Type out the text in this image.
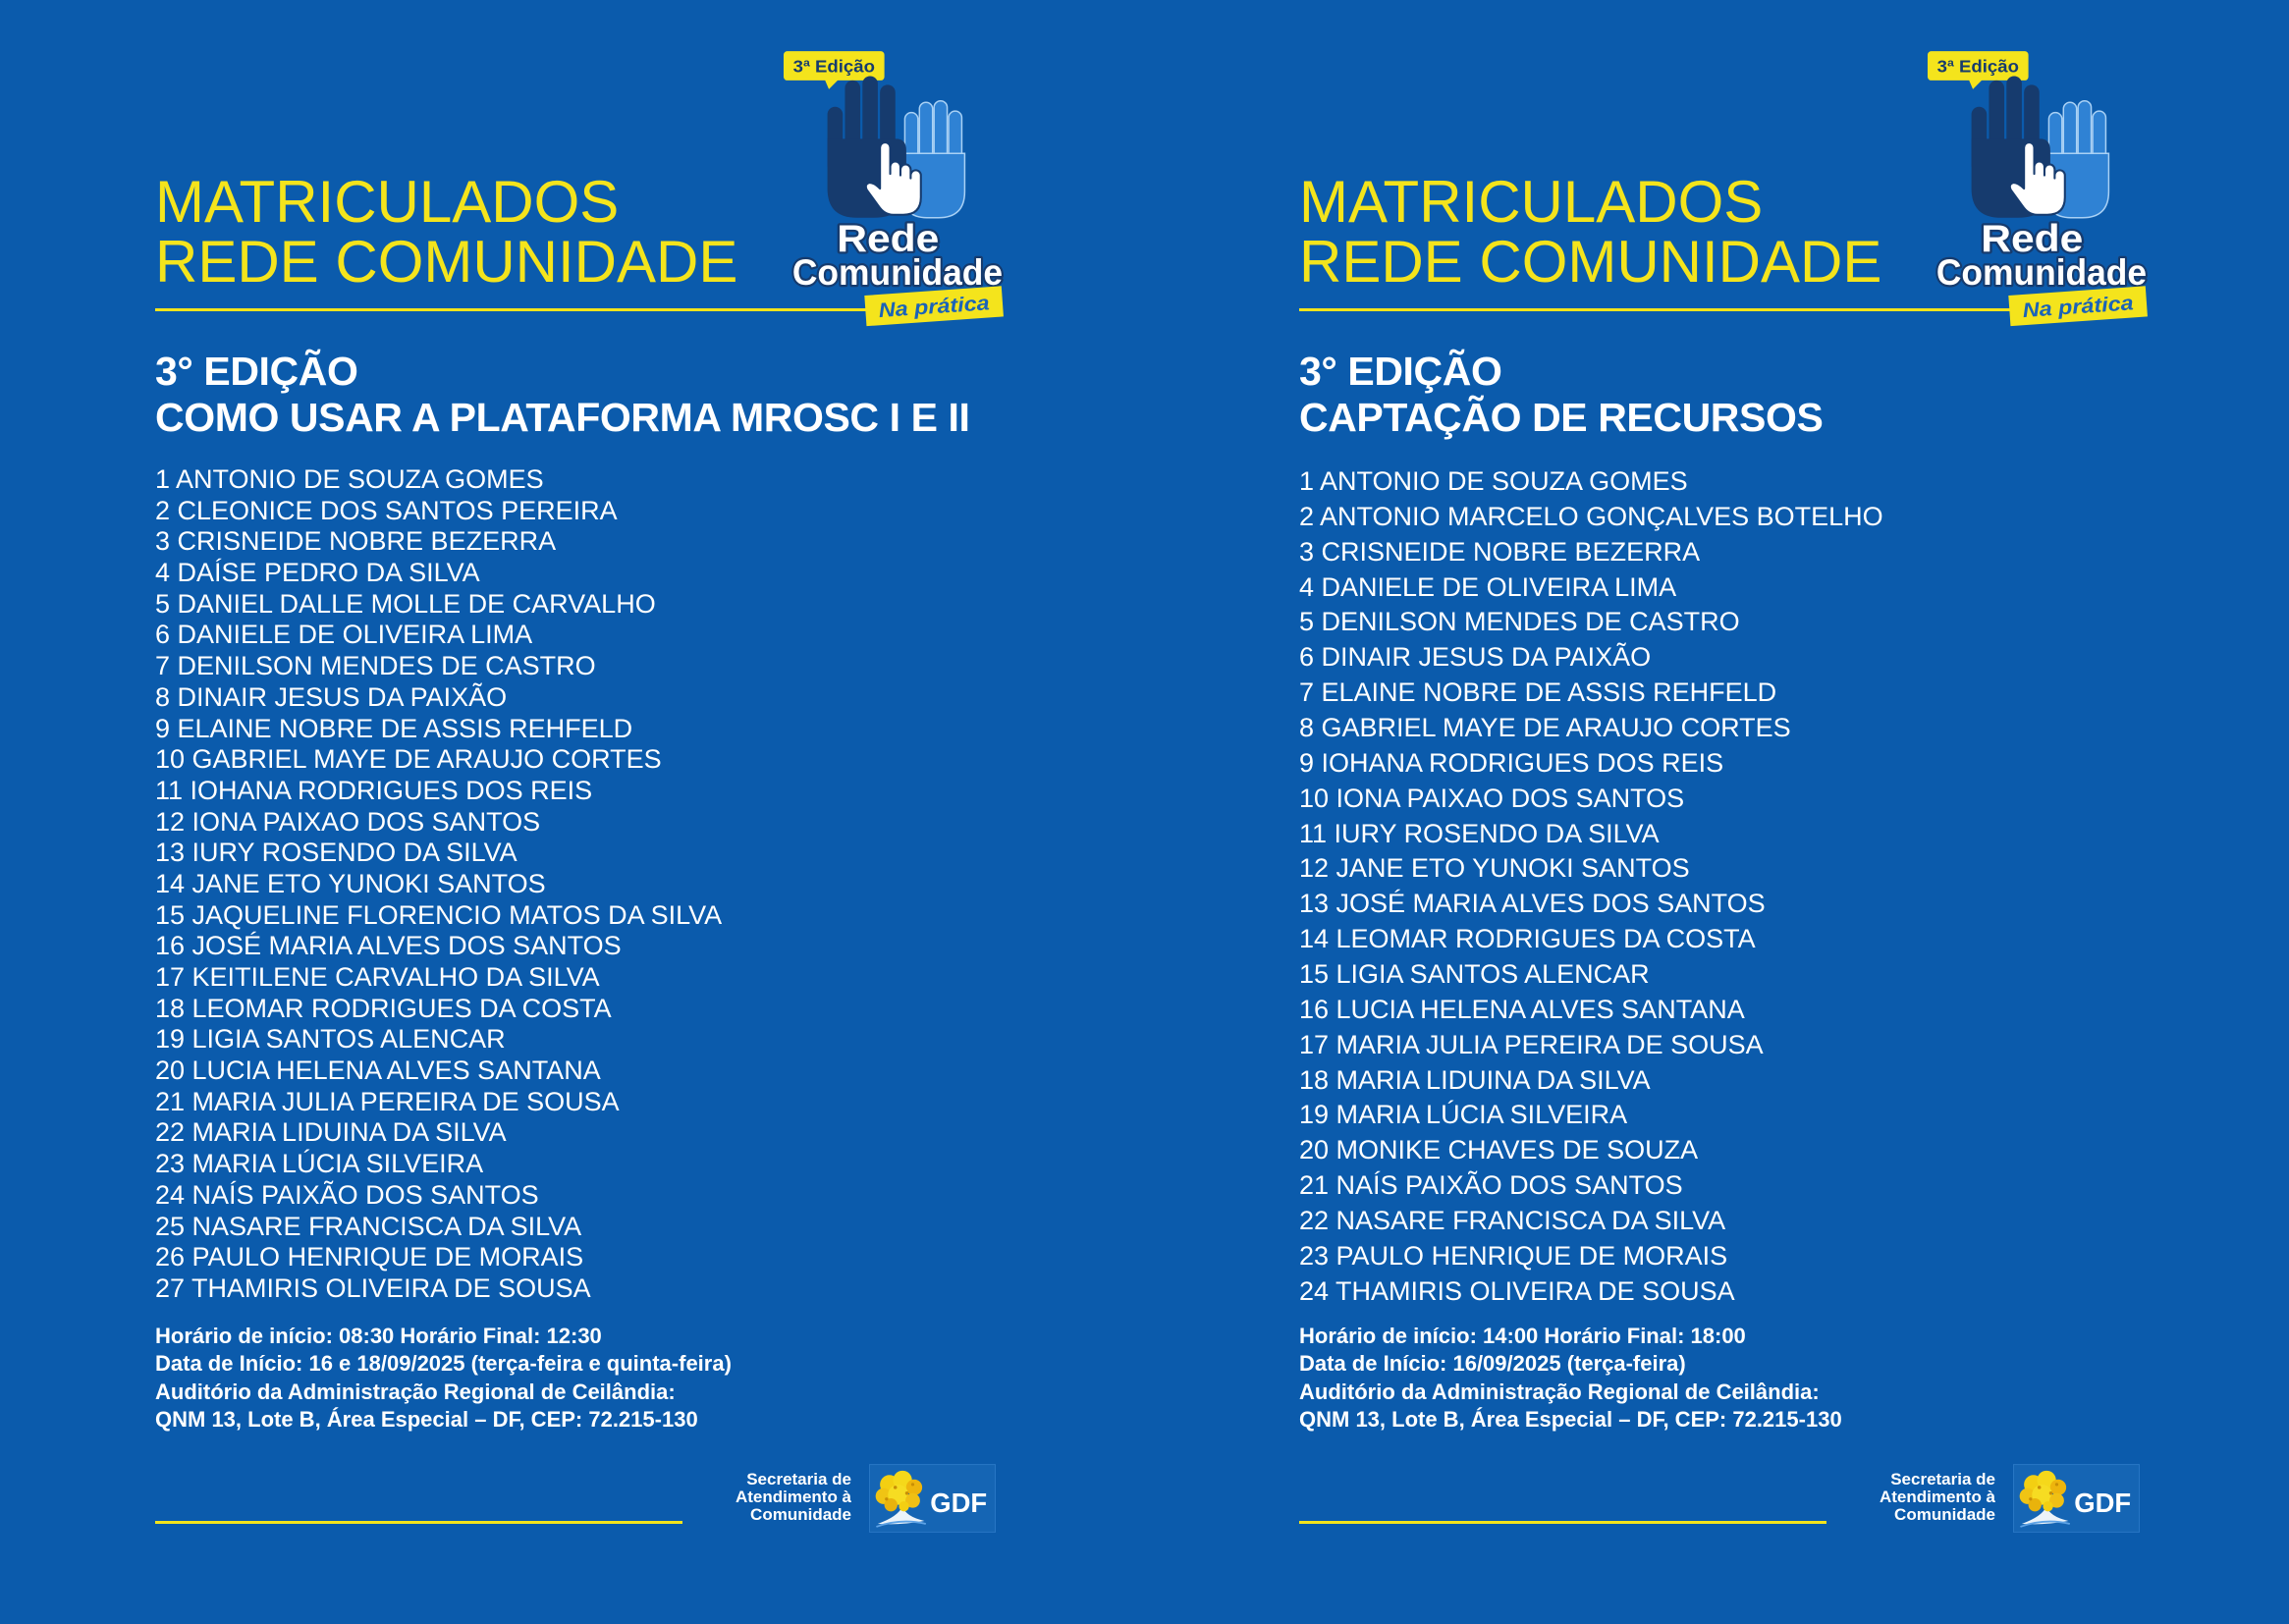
MATRICULADOS
REDE COMUNIDADE
3ª Edição
Rede
Comunidade
Na prática
3° EDIÇÃO
COMO USAR A PLATAFORMA MROSC I E II
1 ANTONIO DE SOUZA GOMES
2 CLEONICE DOS SANTOS PEREIRA
3 CRISNEIDE NOBRE BEZERRA
4 DAÍSE PEDRO DA SILVA
5 DANIEL DALLE MOLLE DE CARVALHO
6 DANIELE DE OLIVEIRA LIMA
7 DENILSON MENDES DE CASTRO
8 DINAIR JESUS DA PAIXÃO
9 ELAINE NOBRE DE ASSIS REHFELD
10 GABRIEL MAYE DE ARAUJO CORTES
11 IOHANA RODRIGUES DOS REIS
12 IONA PAIXAO DOS SANTOS
13 IURY ROSENDO DA SILVA
14 JANE ETO YUNOKI SANTOS
15 JAQUELINE FLORENCIO MATOS DA SILVA
16 JOSÉ MARIA ALVES DOS SANTOS
17 KEITILENE CARVALHO DA SILVA
18 LEOMAR RODRIGUES DA COSTA
19 LIGIA SANTOS ALENCAR
20 LUCIA HELENA ALVES SANTANA
21 MARIA JULIA PEREIRA DE SOUSA
22 MARIA LIDUINA DA SILVA
23 MARIA LÚCIA SILVEIRA
24 NAÍS PAIXÃO DOS SANTOS
25 NASARE FRANCISCA DA SILVA
26 PAULO HENRIQUE DE MORAIS
27 THAMIRIS OLIVEIRA DE SOUSA
Horário de início: 08:30 Horário Final: 12:30
Data de Início: 16 e 18/09/2025 (terça-feira e quinta-feira)
Auditório da Administração Regional de Ceilândia:
QNM 13, Lote B, Área Especial – DF, CEP: 72.215-130
Secretaria de
Atendimento à
Comunidade	GDF
MATRICULADOS
REDE COMUNIDADE
3ª Edição
Rede
Comunidade
Na prática
3° EDIÇÃO
CAPTAÇÃO DE RECURSOS
1 ANTONIO DE SOUZA GOMES
2 ANTONIO MARCELO GONÇALVES BOTELHO
3 CRISNEIDE NOBRE BEZERRA
4 DANIELE DE OLIVEIRA LIMA
5 DENILSON MENDES DE CASTRO
6 DINAIR JESUS DA PAIXÃO
7 ELAINE NOBRE DE ASSIS REHFELD
8 GABRIEL MAYE DE ARAUJO CORTES
9 IOHANA RODRIGUES DOS REIS
10 IONA PAIXAO DOS SANTOS
11 IURY ROSENDO DA SILVA
12 JANE ETO YUNOKI SANTOS
13 JOSÉ MARIA ALVES DOS SANTOS
14 LEOMAR RODRIGUES DA COSTA
15 LIGIA SANTOS ALENCAR
16 LUCIA HELENA ALVES SANTANA
17 MARIA JULIA PEREIRA DE SOUSA
18 MARIA LIDUINA DA SILVA
19 MARIA LÚCIA SILVEIRA
20 MONIKE CHAVES DE SOUZA
21 NAÍS PAIXÃO DOS SANTOS
22 NASARE FRANCISCA DA SILVA
23 PAULO HENRIQUE DE MORAIS
24 THAMIRIS OLIVEIRA DE SOUSA
Horário de início: 14:00 Horário Final: 18:00
Data de Início: 16/09/2025 (terça-feira)
Auditório da Administração Regional de Ceilândia:
QNM 13, Lote B, Área Especial – DF, CEP: 72.215-130
Secretaria de
Atendimento à
Comunidade	GDF
